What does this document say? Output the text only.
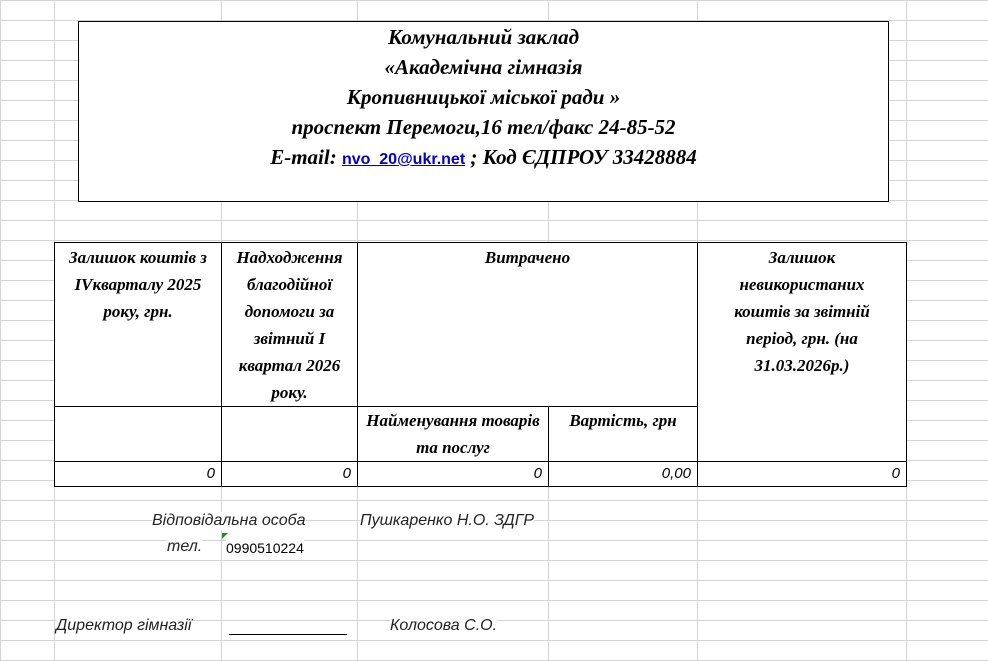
Комунальний заклад
«Академічна гімназія
Кропивницької міської ради »
проспект Перемоги,16 тел/факс 24-85-52
E-mail: nvo_20@ukr.net ; Код ЄДПРОУ 33428884
Залишок коштів з ІVкварталу 2025 року, грн.	Надходження благодійної допомоги за звітний І квартал 2026 року.	Витрачено		Залишок невикористаних коштів за звітній період, грн. (на 31.03.2026р.)

		Найменування товарів та послуг	Вартість, грн	

0	0	0	0,00	0
Відповідальна особа	Пушкаренко Н.О. ЗДГР
тел. 0990510224
Директор гімназії	Колосова С.О.
